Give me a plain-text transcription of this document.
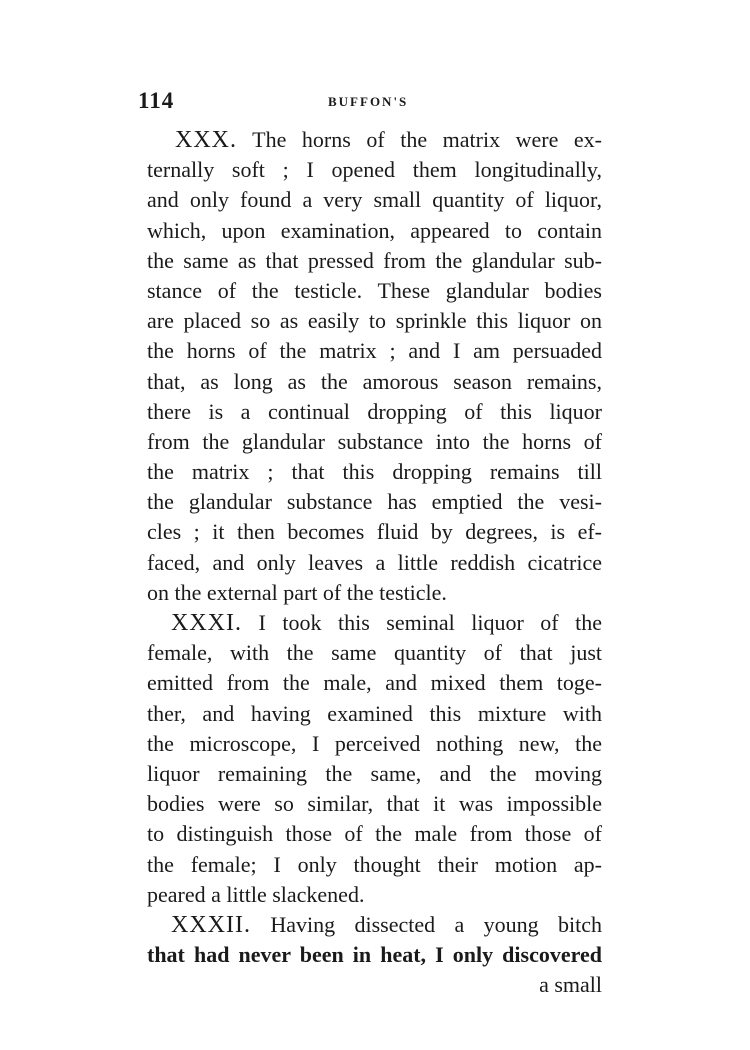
114	BUFFON'S
XXX. The horns of the matrix were ex-
ternally soft ; I opened them longitudinally,
and only found a very small quantity of liquor,
which, upon examination, appeared to contain
the same as that pressed from the glandular sub-
stance of the testicle. These glandular bodies
are placed so as easily to sprinkle this liquor on
the horns of the matrix ; and I am persuaded
that, as long as the amorous season remains,
there is a continual dropping of this liquor
from the glandular substance into the horns of
the matrix ; that this dropping remains till
the glandular substance has emptied the vesi-
cles ; it then becomes fluid by degrees, is ef-
faced, and only leaves a little reddish cicatrice
on the external part of the testicle.
XXXI. I took this seminal liquor of the
female, with the same quantity of that just
emitted from the male, and mixed them toge-
ther, and having examined this mixture with
the microscope, I perceived nothing new, the
liquor remaining the same, and the moving
bodies were so similar, that it was impossible
to distinguish those of the male from those of
the female; I only thought their motion ap-
peared a little slackened.
XXXII. Having dissected a young bitch
that had never been in heat, I only discovered
a small
